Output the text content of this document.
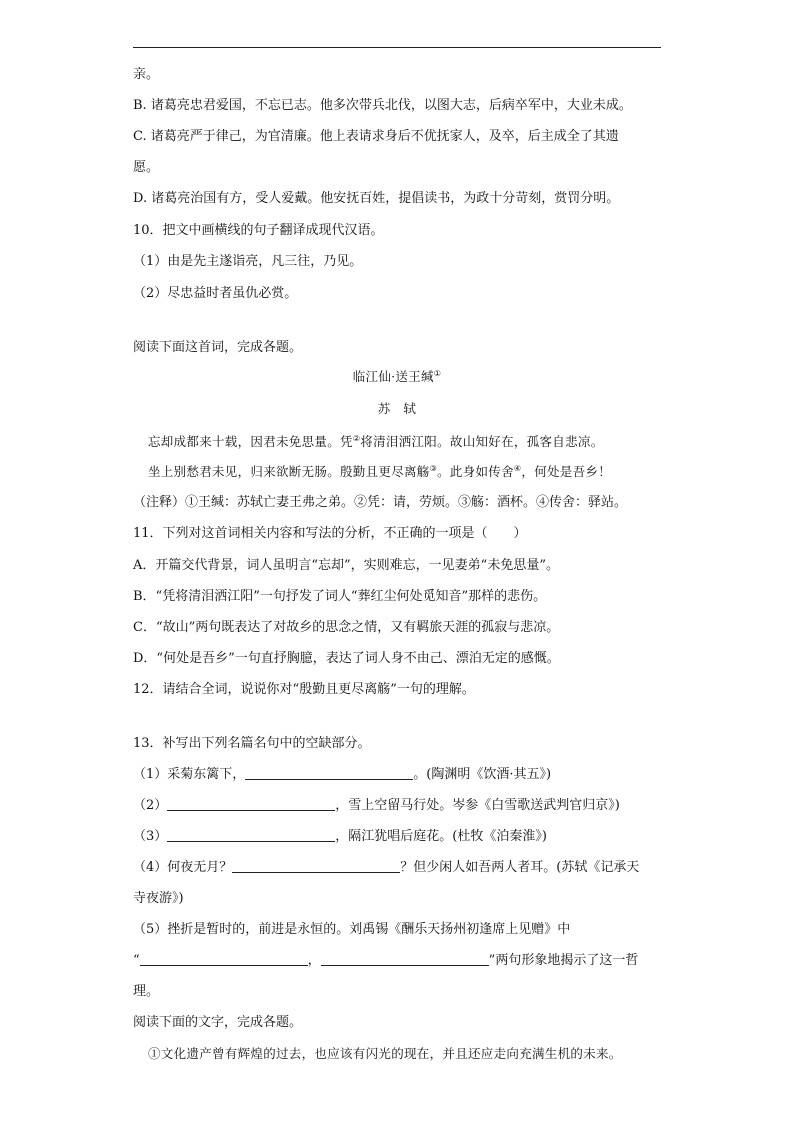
亲。
B. 诸葛亮忠君爱国，不忘已志。他多次带兵北伐，以图大志，后病卒军中，大业未成。
C. 诸葛亮严于律己，为官清廉。他上表请求身后不优抚家人，及卒，后主成全了其遗
愿。
D. 诸葛亮治国有方，受人爱戴。他安抚百姓，提倡读书，为政十分苛刻，赏罚分明。
10．把文中画横线的句子翻译成现代汉语。
（1）由是先主遂诣亮，凡三往，乃见。
（2）尽忠益时者虽仇必赏。
阅读下面这首词，完成各题。
临江仙·送王缄①
苏　轼
忘却成都来十载，因君未免思量。凭②将清泪洒江阳。故山知好在，孤客自悲凉。
坐上别愁君未见，归来欲断无肠。殷勤且更尽离觞③。此身如传舍④，何处是吾乡！
（注释）①王缄：苏轼亡妻王弗之弟。②凭：请，劳烦。③觞：酒杯。④传舍：驿站。
11．下列对这首词相关内容和写法的分析，不正确的一项是（　　）
A．开篇交代背景，词人虽明言“忘却”，实则难忘，一见妻弟“未免思量”。
B．“凭将清泪洒江阳”一句抒发了词人“葬红尘何处觅知音”那样的悲伤。
C．“故山”两句既表达了对故乡的思念之情，又有羁旅天涯的孤寂与悲凉。
D．“何处是吾乡”一句直抒胸臆，表达了词人身不由己、漂泊无定的感慨。
12．请结合全词，说说你对“殷勤且更尽离觞”一句的理解。
13．补写出下列名篇名句中的空缺部分。
（1）采菊东篱下，	。(陶渊明《饮酒·其五》)
（2）	，雪上空留马行处。岑参《白雪歌送武判官归京》)
（3）	，隔江犹唱后庭花。(杜牧《泊秦淮》)
（4）何夜无月？	？但少闲人如吾两人者耳。(苏轼《记承天
寺夜游》)
（5）挫折是暂时的，前进是永恒的。刘禹锡《酬乐天扬州初逢席上见赠》中
“	，	”两句形象地揭示了这一哲
理。
阅读下面的文字，完成各题。
①文化遗产曾有辉煌的过去，也应该有闪光的现在，并且还应走向充满生机的未来。
